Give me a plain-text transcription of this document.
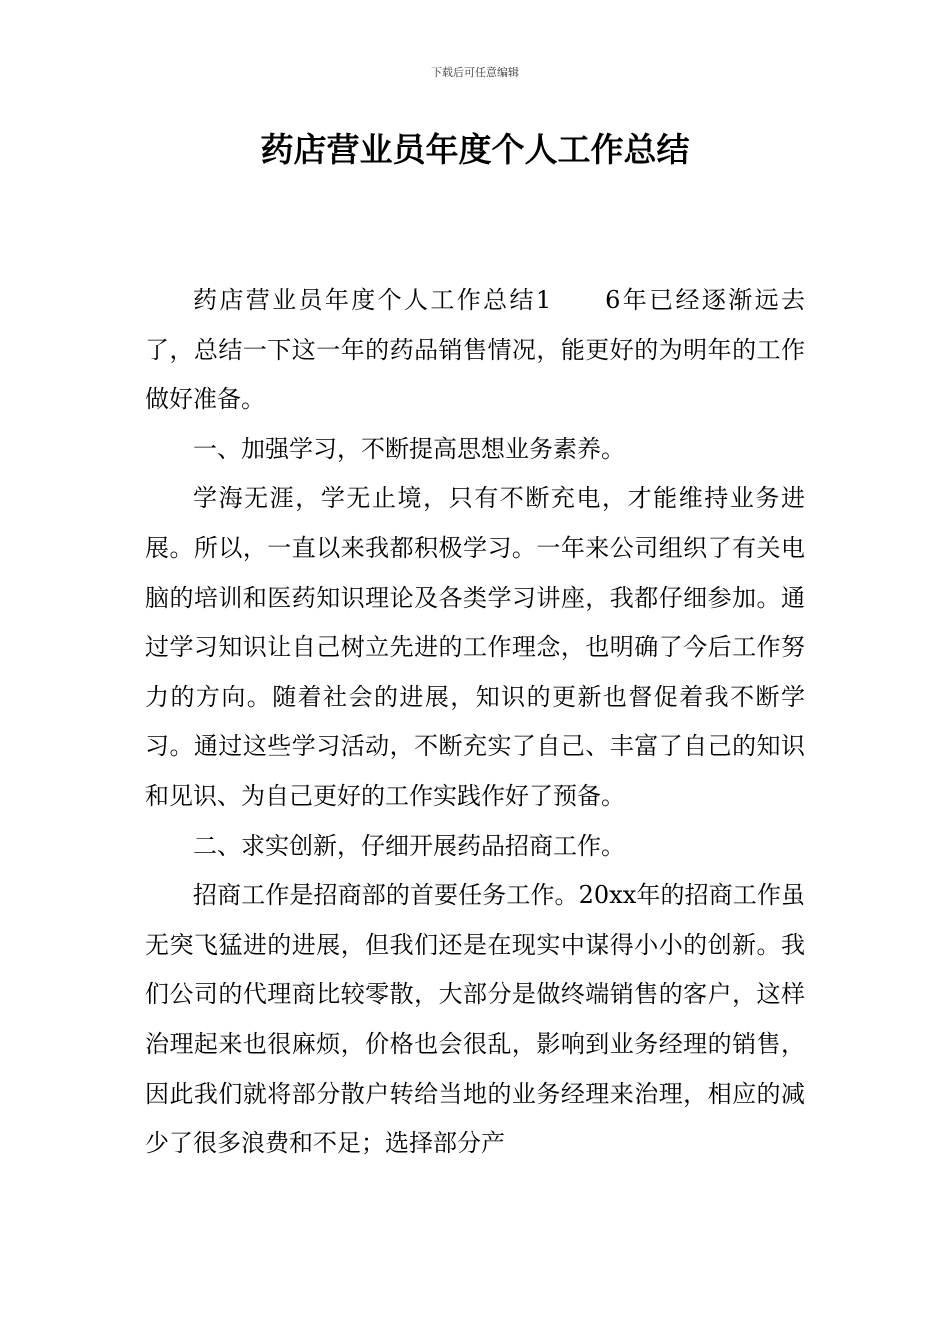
下载后可任意编辑
药店营业员年度个人工作总结

药店营业员年度个人工作总结1 6年已经逐渐远去了，总结一下这一年的药品销售情况，能更好的为明年的工作做好准备。

一、加强学习，不断提高思想业务素养。

学海无涯，学无止境，只有不断充电，才能维持业务进展。所以，一直以来我都积极学习。一年来公司组织了有关电脑的培训和医药知识理论及各类学习讲座，我都仔细参加。通过学习知识让自己树立先进的工作理念，也明确了今后工作努力的方向。随着社会的进展，知识的更新也督促着我不断学习。通过这些学习活动，不断充实了自己、丰富了自己的知识和见识、为自己更好的工作实践作好了预备。

二、求实创新，仔细开展药品招商工作。

招商工作是招商部的首要任务工作。20xx年的招商工作虽无突飞猛进的进展，但我们还是在现实中谋得小小的创新。我们公司的代理商比较零散，大部分是做终端销售的客户，这样治理起来也很麻烦，价格也会很乱，影响到业务经理的销售，因此我们就将部分散户转给当地的业务经理来治理，相应的减少了很多浪费和不足；选择部分产
